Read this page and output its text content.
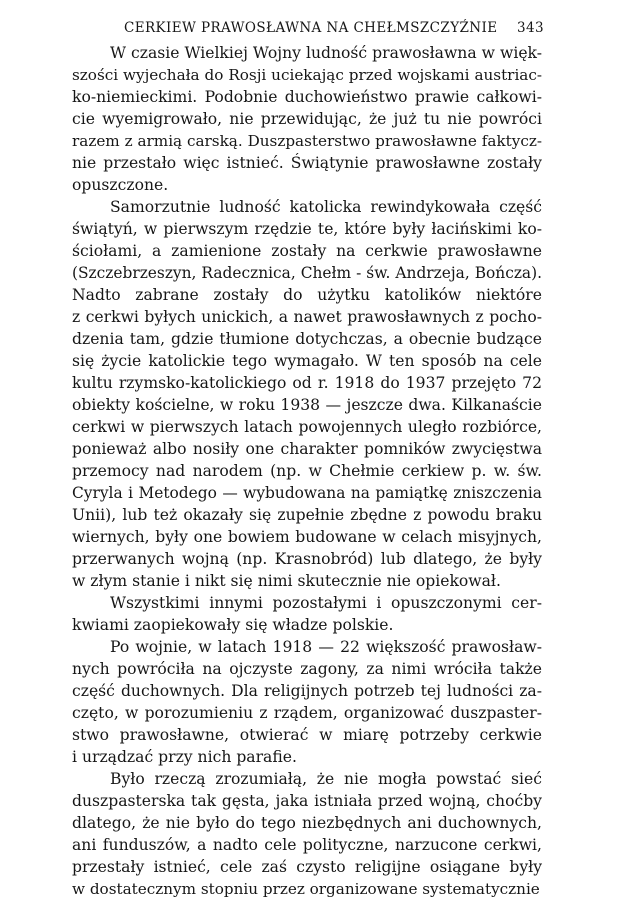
CERKIEW PRAWOSŁAWNA NA CHEŁMSZCZYŹNIE 343

W czasie Wielkiej Wojny ludność prawosławna w więk-
szości wyjechała do Rosji uciekając przed wojskami austriac-
ko-niemieckimi. Podobnie duchowieństwo prawie całkowi-
cie wyemigrowało, nie przewidując, że już tu nie powróci
razem z armią carską. Duszpasterstwo prawosławne faktycz-
nie przestało więc istnieć. Świątynie prawosławne zostały
opuszczone.

Samorzutnie ludność katolicka rewindykowała część
świątyń, w pierwszym rzędzie te, które były łacińskimi ko-
ściołami, a zamienione zostały na cerkwie prawosławne
(Szczebrzeszyn, Radecznica, Chełm - św. Andrzeja, Bończa).
Nadto zabrane zostały do użytku katolików niektóre
z cerkwi byłych unickich, a nawet prawosławnych z pocho-
dzenia tam, gdzie tłumione dotychczas, a obecnie budzące
się życie katolickie tego wymagało. W ten sposób na cele
kultu rzymsko-katolickiego od r. 1918 do 1937 przejęto 72
obiekty kościelne, w roku 1938 — jeszcze dwa. Kilkanaście
cerkwi w pierwszych latach powojennych uległo rozbiórce,
ponieważ albo nosiły one charakter pomników zwycięstwa
przemocy nad narodem (np. w Chełmie cerkiew p. w. św.
Cyryla i Metodego — wybudowana na pamiątkę zniszczenia
Unii), lub też okazały się zupełnie zbędne z powodu braku
wiernych, były one bowiem budowane w celach misyjnych,
przerwanych wojną (np. Krasnobród) lub dlatego, że były
w złym stanie i nikt się nimi skutecznie nie opiekował.

Wszystkimi innymi pozostałymi i opuszczonymi cer-
kwiami zaopiekowały się władze polskie.

Po wojnie, w latach 1918 — 22 większość prawosław-
nych powróciła na ojczyste zagony, za nimi wróciła także
część duchownych. Dla religijnych potrzeb tej ludności za-
częto, w porozumieniu z rządem, organizować duszpaster-
stwo prawosławne, otwierać w miarę potrzeby cerkwie
i urządzać przy nich parafie.

Było rzeczą zrozumiałą, że nie mogła powstać sieć
duszpasterska tak gęsta, jaka istniała przed wojną, choćby
dlatego, że nie było do tego niezbędnych ani duchownych,
ani funduszów, a nadto cele polityczne, narzucone cerkwi,
przestały istnieć, cele zaś czysto religijne osiągane były
w dostatecznym stopniu przez organizowane systematycznie
